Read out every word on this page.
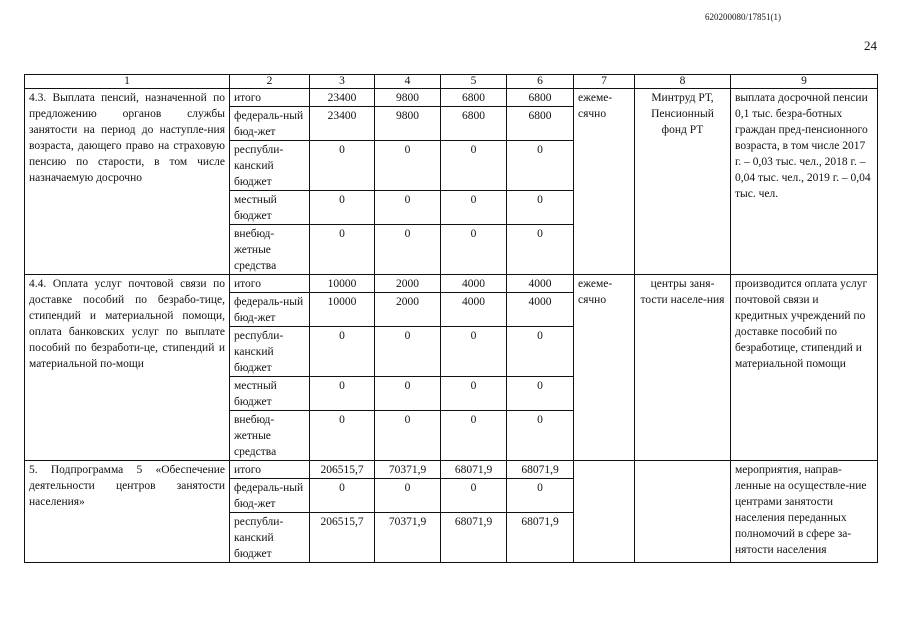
620200080/17851(1)
24
1	2	3	4	5	6	7	8	9
4.3. Выплата пенсий, назначенной по предложению органов службы занятости на период до наступле-ния возраста, дающего право на страховую пенсию по старости, в том числе назначаемую досрочно	итого	23400	9800	6800	6800	ежеме-сячно	Минтруд РТ, Пенсионный фонд РТ	выплата досрочной пенсии 0,1 тыс. безра-ботных граждан пред-пенсионного возраста, в том числе 2017 г. – 0,03 тыс. чел., 2018 г. – 0,04 тыс. чел., 2019 г. – 0,04 тыс. чел.
	федераль-ный бюд-жет	23400	9800	6800	6800			
	республи-канский бюджет	0	0	0	0			
	местный бюджет	0	0	0	0			
	внебюд-жетные средства	0	0	0	0			
4.4. Оплата услуг почтовой связи по доставке пособий по безрабо-тице, стипендий и материальной помощи, оплата банковских услуг по выплате пособий по безработи-це, стипендий и материальной по-мощи	итого	10000	2000	4000	4000	ежеме-сячно	центры заня-тости населе-ния	производится оплата услуг почтовой связи и кредитных учреждений по доставке пособий по безработице, стипендий и материальной помощи
	федераль-ный бюд-жет	10000	2000	4000	4000			
	республи-канский бюджет	0	0	0	0			
	местный бюджет	0	0	0	0			
	внебюд-жетные средства	0	0	0	0			
5. Подпрограмма 5 «Обеспечение деятельности центров занятости населения»	итого	206515,7	70371,9	68071,9	68071,9			мероприятия, направ-ленные на осуществле-ние центрами занятости населения переданных полномочий в сфере за-нятости населения
	федераль-ный бюд-жет	0	0	0	0			
	республи-канский бюджет	206515,7	70371,9	68071,9	68071,9			
